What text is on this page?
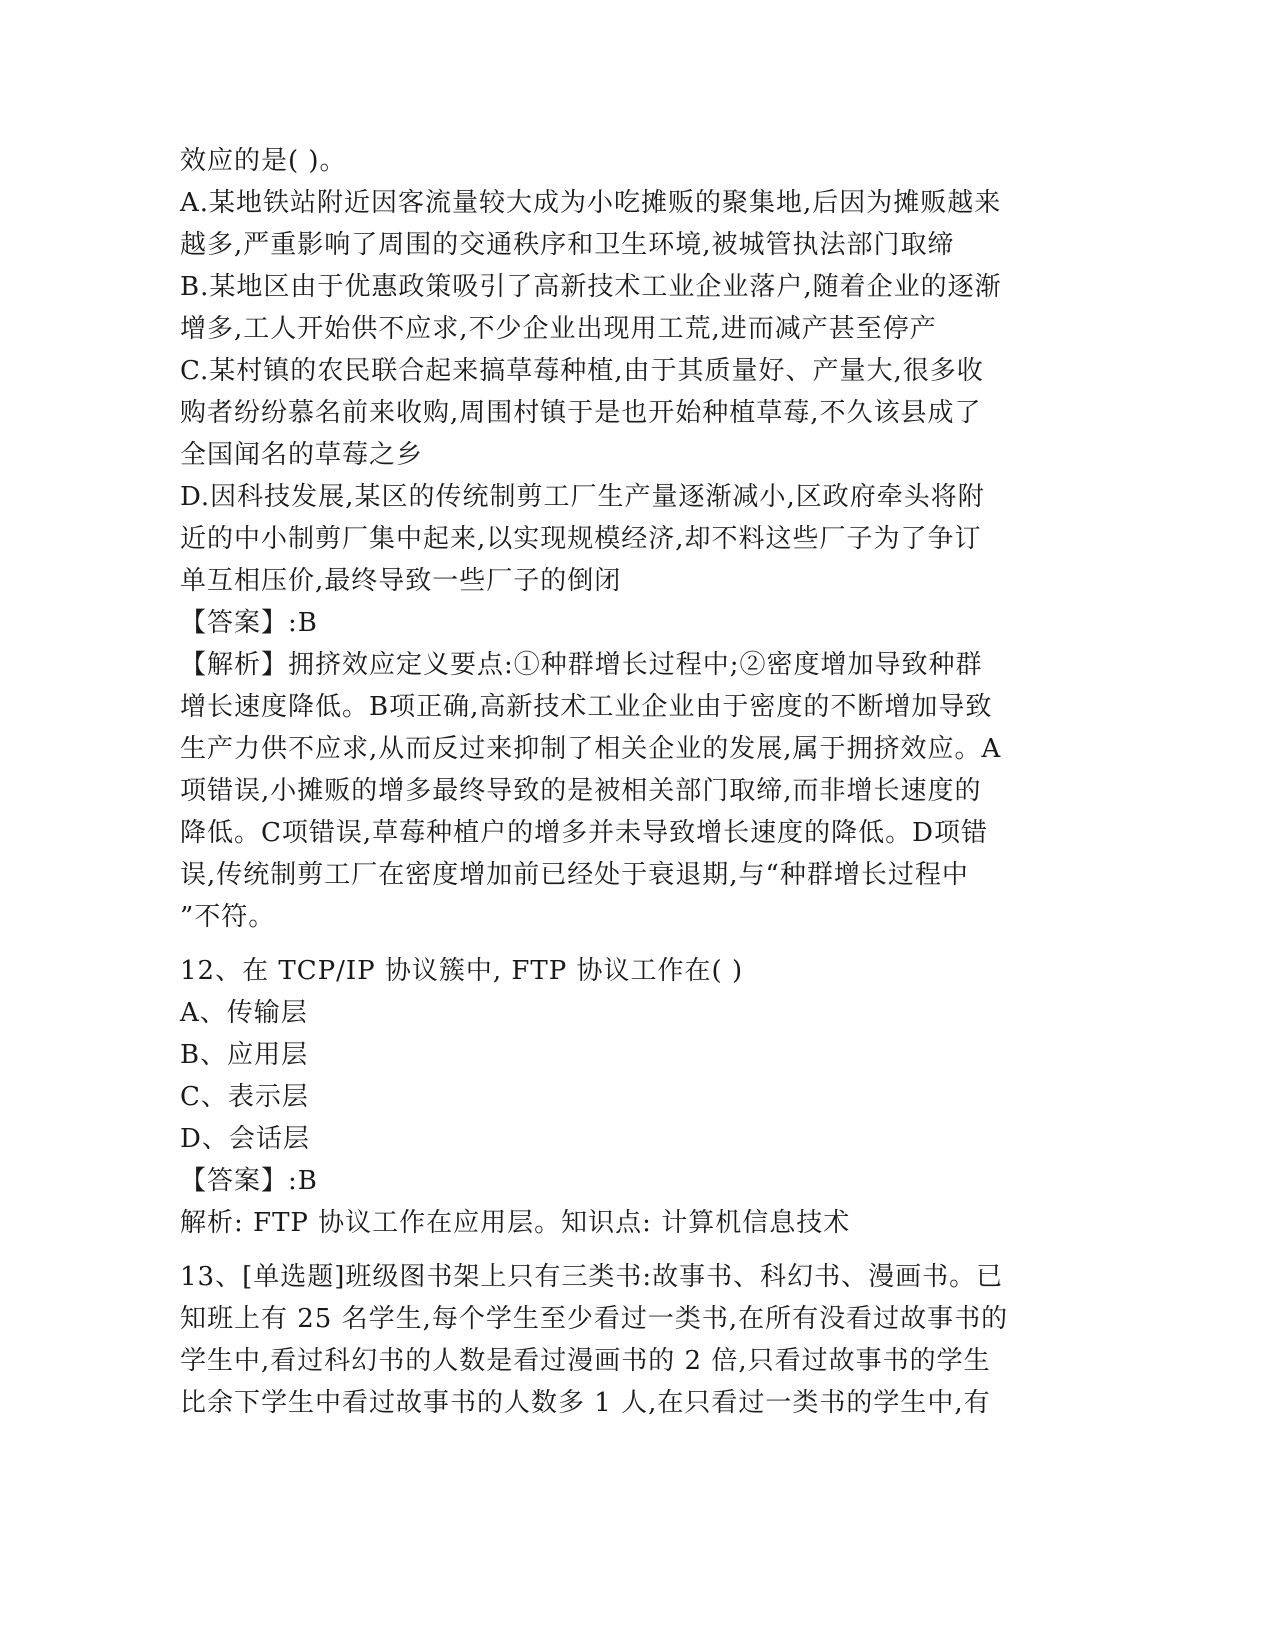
效应的是( )。
A.某地铁站附近因客流量较大成为小吃摊贩的聚集地,后因为摊贩越来
越多,严重影响了周围的交通秩序和卫生环境,被城管执法部门取缔
B.某地区由于优惠政策吸引了高新技术工业企业落户,随着企业的逐渐
增多,工人开始供不应求,不少企业出现用工荒,进而减产甚至停产
C.某村镇的农民联合起来搞草莓种植,由于其质量好、产量大,很多收
购者纷纷慕名前来收购,周围村镇于是也开始种植草莓,不久该县成了
全国闻名的草莓之乡
D.因科技发展,某区的传统制剪工厂生产量逐渐减小,区政府牵头将附
近的中小制剪厂集中起来,以实现规模经济,却不料这些厂子为了争订
单互相压价,最终导致一些厂子的倒闭
【答案】:B
【解析】拥挤效应定义要点:①种群增长过程中;②密度增加导致种群
增长速度降低。B项正确,高新技术工业企业由于密度的不断增加导致
生产力供不应求,从而反过来抑制了相关企业的发展,属于拥挤效应。A
项错误,小摊贩的增多最终导致的是被相关部门取缔,而非增长速度的
降低。C项错误,草莓种植户的增多并未导致增长速度的降低。D项错
误,传统制剪工厂在密度增加前已经处于衰退期,与“种群增长过程中
”不符。
12、在 TCP/IP 协议簇中, FTP 协议工作在( )
A、传输层
B、应用层
C、表示层
D、会话层
【答案】:B
解析: FTP 协议工作在应用层。知识点: 计算机信息技术
13、[单选题]班级图书架上只有三类书:故事书、科幻书、漫画书。已
知班上有 25 名学生,每个学生至少看过一类书,在所有没看过故事书的
学生中,看过科幻书的人数是看过漫画书的 2 倍,只看过故事书的学生
比余下学生中看过故事书的人数多 1 人,在只看过一类书的学生中,有
